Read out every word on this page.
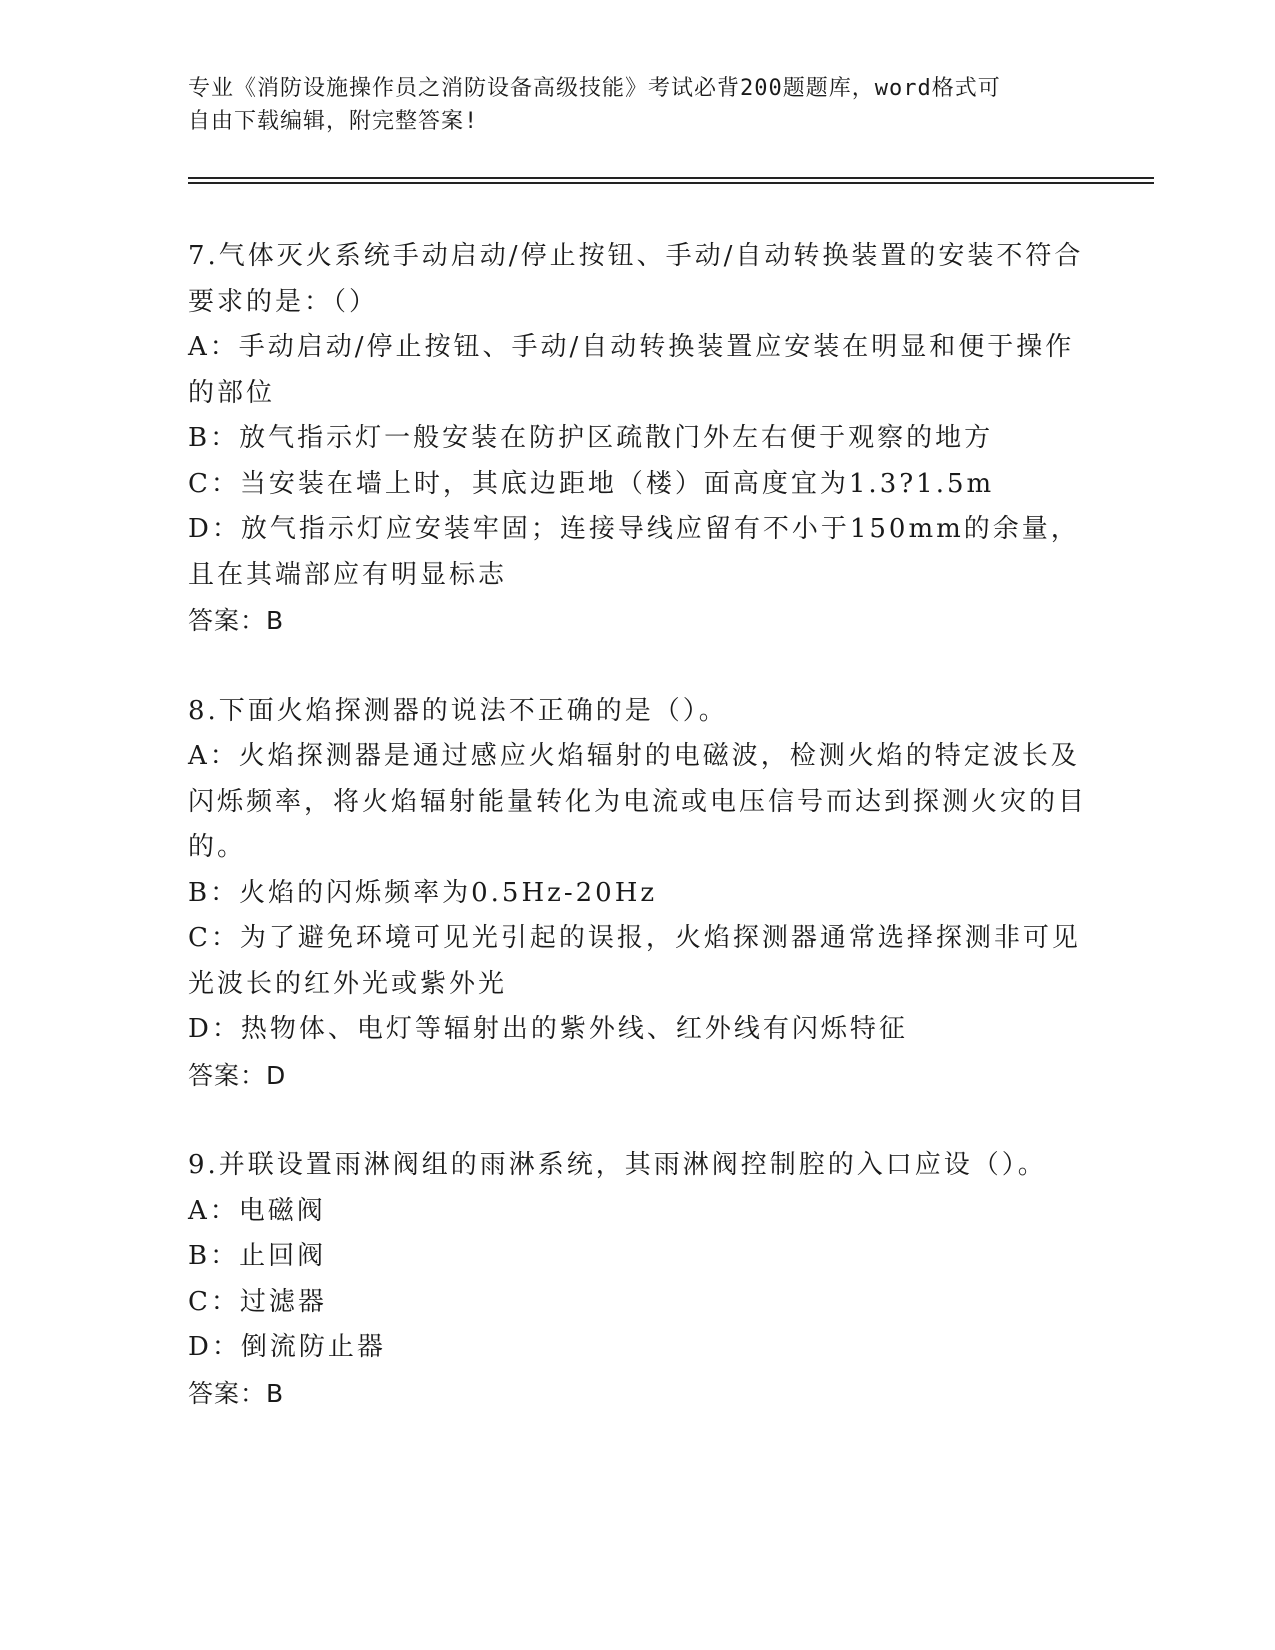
专业《消防设施操作员之消防设备高级技能》考试必背200题题库，word格式可
自由下载编辑，附完整答案!
7.气体灭火系统手动启动/停止按钮、手动/自动转换装置的安装不符合要求的是：（）
A：手动启动/停止按钮、手动/自动转换装置应安装在明显和便于操作的部位
B：放气指示灯一般安装在防护区疏散门外左右便于观察的地方
C：当安装在墙上时，其底边距地（楼）面高度宜为1.3?1.5m
D：放气指示灯应安装牢固；连接导线应留有不小于150mm的余量，且在其端部应有明显标志
答案：B
8.下面火焰探测器的说法不正确的是（）。
A：火焰探测器是通过感应火焰辐射的电磁波，检测火焰的特定波长及闪烁频率，将火焰辐射能量转化为电流或电压信号而达到探测火灾的目的。
B：火焰的闪烁频率为0.5Hz-20Hz
C：为了避免环境可见光引起的误报，火焰探测器通常选择探测非可见光波长的红外光或紫外光
D：热物体、电灯等辐射出的紫外线、红外线有闪烁特征
答案：D
9.并联设置雨淋阀组的雨淋系统，其雨淋阀控制腔的入口应设（）。
A：电磁阀
B：止回阀
C：过滤器
D：倒流防止器
答案：B
